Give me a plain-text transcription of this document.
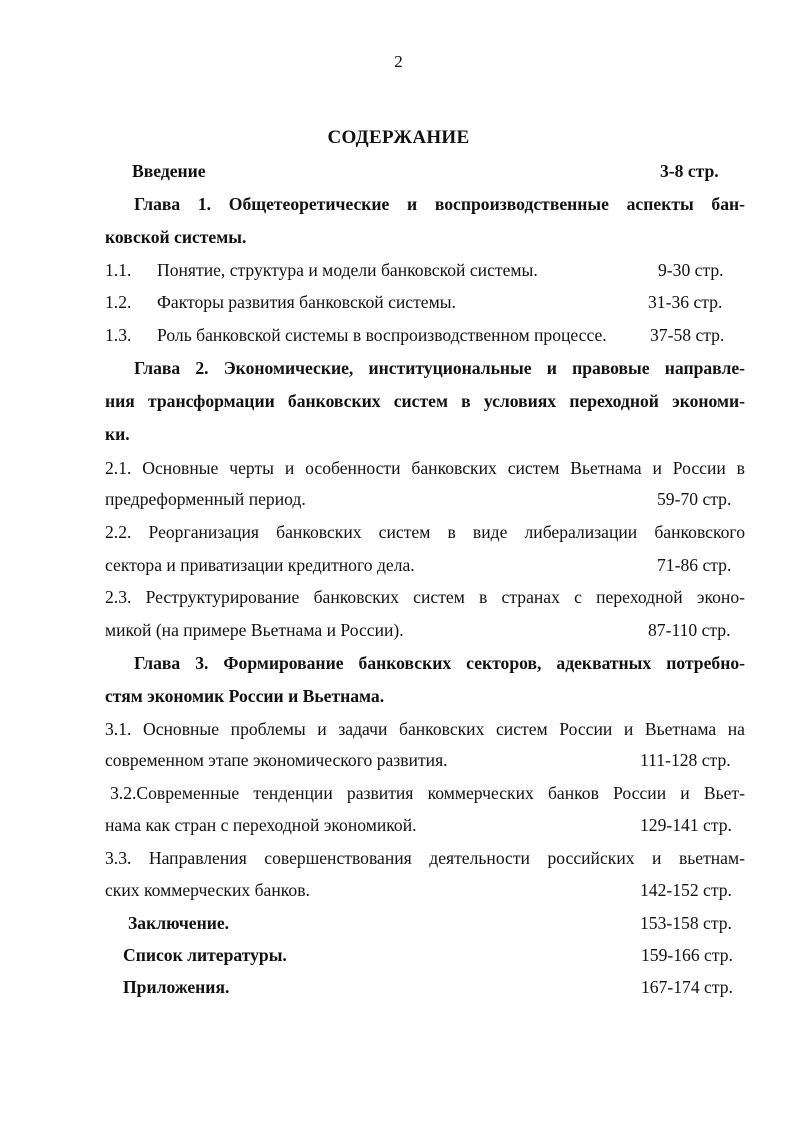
2
СОДЕРЖАНИЕ
Введение	3-8 стр.
Глава 1. Общетеоретические и воспроизводственные аспекты бан-
ковской системы.
1.1. Понятие, структура и модели банковской системы.	9-30 стр.
1.2. Факторы развития банковской системы.	31-36 стр.
1.3. Роль банковской системы в воспроизводственном процессе. 37-58 стр.
Глава 2. Экономические, институциональные и правовые направле-
ния трансформации банковских систем в условиях переходной экономи-
ки.
2.1. Основные черты и особенности банковских систем Вьетнама и России в
предреформенный период.	59-70 стр.
2.2. Реорганизация банковских систем в виде либерализации банковского
сектора и приватизации кредитного дела.	71-86 стр.
2.3. Реструктурирование банковских систем в странах с переходной эконо-
микой (на примере Вьетнама и России).	87-110 стр.
Глава 3. Формирование банковских секторов, адекватных потребно-
стям экономик России и Вьетнама.
3.1. Основные проблемы и задачи банковских систем России и Вьетнама на
современном этапе экономического развития.	111-128 стр.
3.2.Современные тенденции развития коммерческих банков России и Вьет-
нама как стран с переходной экономикой.	129-141 стр.
3.3. Направления совершенствования деятельности российских и вьетнам-
ских коммерческих банков.	142-152 стр.
Заключение.	153-158 стр.
Список литературы.	159-166 стр.
Приложения.	167-174 стр.
